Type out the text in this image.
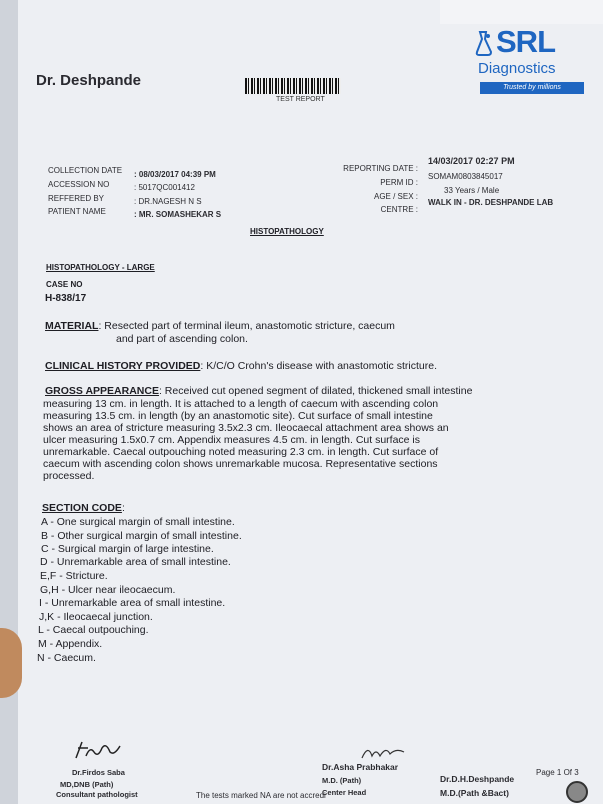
Dr. Deshpande
TEST REPORT
SRL
Diagnostics
Trusted by millions
COLLECTION DATE : 08/03/2017 04:39 PM
ACCESSION NO	: 5017QC001412
REFFERED BY	: DR.NAGESH N S
PATIENT NAME	: MR. SOMASHEKAR S
REPORTING DATE :
14/03/2017 02:27 PM
PERM ID :
SOMAM0803845017
AGE / SEX :
33 Years / Male
CENTRE :
WALK IN - DR. DESHPANDE LAB
HISTOPATHOLOGY
HISTOPATHOLOGY - LARGE
CASE NO
H-838/17
MATERIAL: Resected part of terminal ileum, anastomotic stricture, caecum
and part of ascending colon.
CLINICAL HISTORY PROVIDED: K/C/O Crohn's disease with anastomotic stricture.
GROSS APPEARANCE: Received cut opened segment of dilated, thickened small intestine
measuring 13 cm. in length. It is attached to a length of caecum with ascending colon
measuring 13.5 cm. in length (by an anastomotic site). Cut surface of small intestine
shows an area of stricture measuring 3.5x2.3 cm. Ileocaecal attachment area shows an
ulcer measuring 1.5x0.7 cm. Appendix measures 4.5 cm. in length. Cut surface is
unremarkable. Caecal outpouching noted measuring 2.3 cm. in length. Cut surface of
caecum with ascending colon shows unremarkable mucosa. Representative sections
processed.
SECTION CODE:
A - One surgical margin of small intestine.
B - Other surgical margin of small intestine.
C - Surgical margin of large intestine.
D - Unremarkable area of small intestine.
E,F - Stricture.
G,H - Ulcer near ileocaecum.
I - Unremarkable area of small intestine.
J,K - Ileocaecal junction.
L - Caecal outpouching.
M - Appendix.
N - Caecum.
Dr.Firdos Saba
MD,DNB (Path)
Consultant pathologist
Dr.Asha Prabhakar
M.D. (Path)
Center Head
Dr.D.H.Deshpande
M.D.(Path &Bact)
Page 1 Of 3
The tests marked NA are not accredi
